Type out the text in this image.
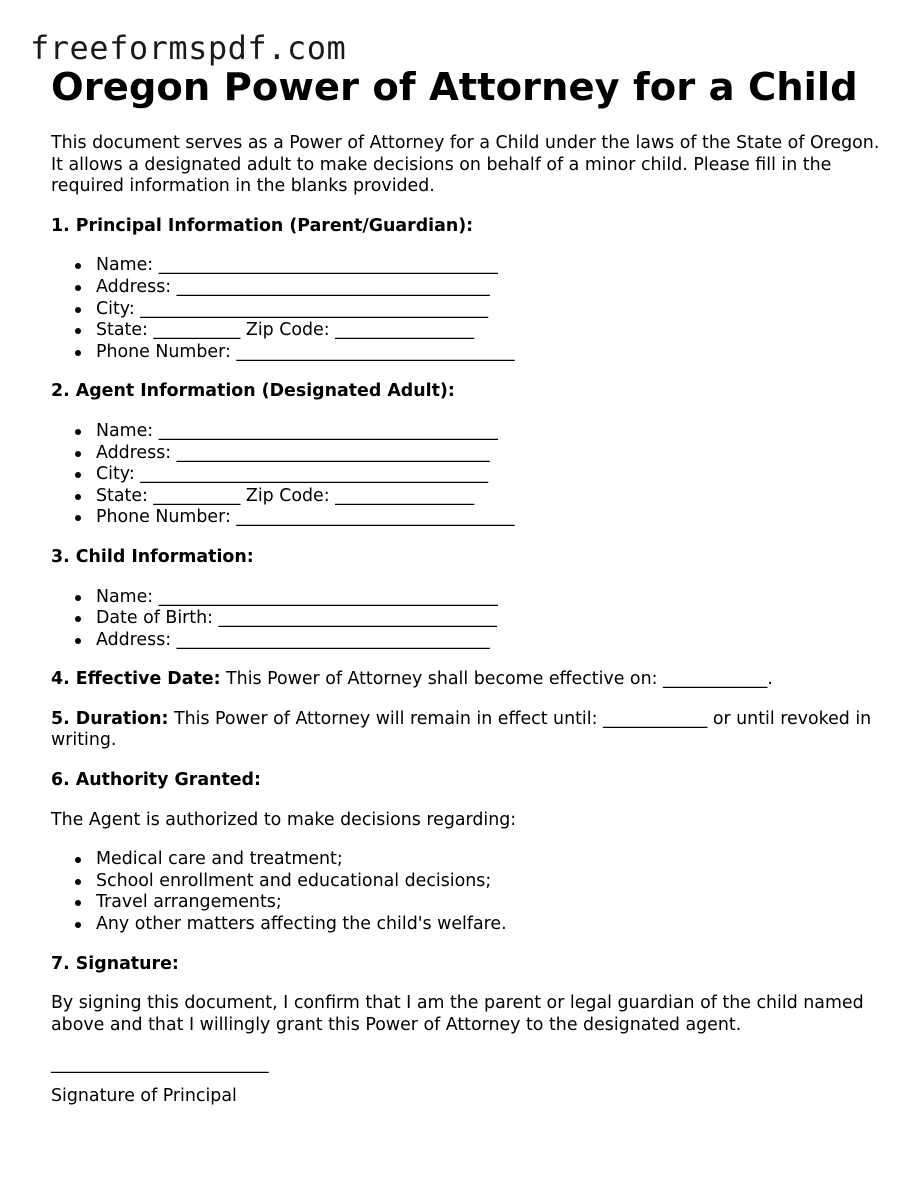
freeformspdf.com
Oregon Power of Attorney for a Child

This document serves as a Power of Attorney for a Child under the laws of the State of Oregon. It allows a designated adult to make decisions on behalf of a minor child. Please fill in the required information in the blanks provided.

1. Principal Information (Parent/Guardian):

Name: _______________________________________
Address: ____________________________________
City: ________________________________________
State: __________ Zip Code: ________________
Phone Number: ________________________________

2. Agent Information (Designated Adult):

Name: _______________________________________
Address: ____________________________________
City: ________________________________________
State: __________ Zip Code: ________________
Phone Number: ________________________________

3. Child Information:

Name: _______________________________________
Date of Birth: ________________________________
Address: ____________________________________

4. Effective Date: This Power of Attorney shall become effective on: ____________.

5. Duration: This Power of Attorney will remain in effect until: ____________ or until revoked in writing.

6. Authority Granted:

The Agent is authorized to make decisions regarding:

Medical care and treatment;
School enrollment and educational decisions;
Travel arrangements;
Any other matters affecting the child's welfare.

7. Signature:

By signing this document, I confirm that I am the parent or legal guardian of the child named above and that I willingly grant this Power of Attorney to the designated agent.

_________________________

Signature of Principal
